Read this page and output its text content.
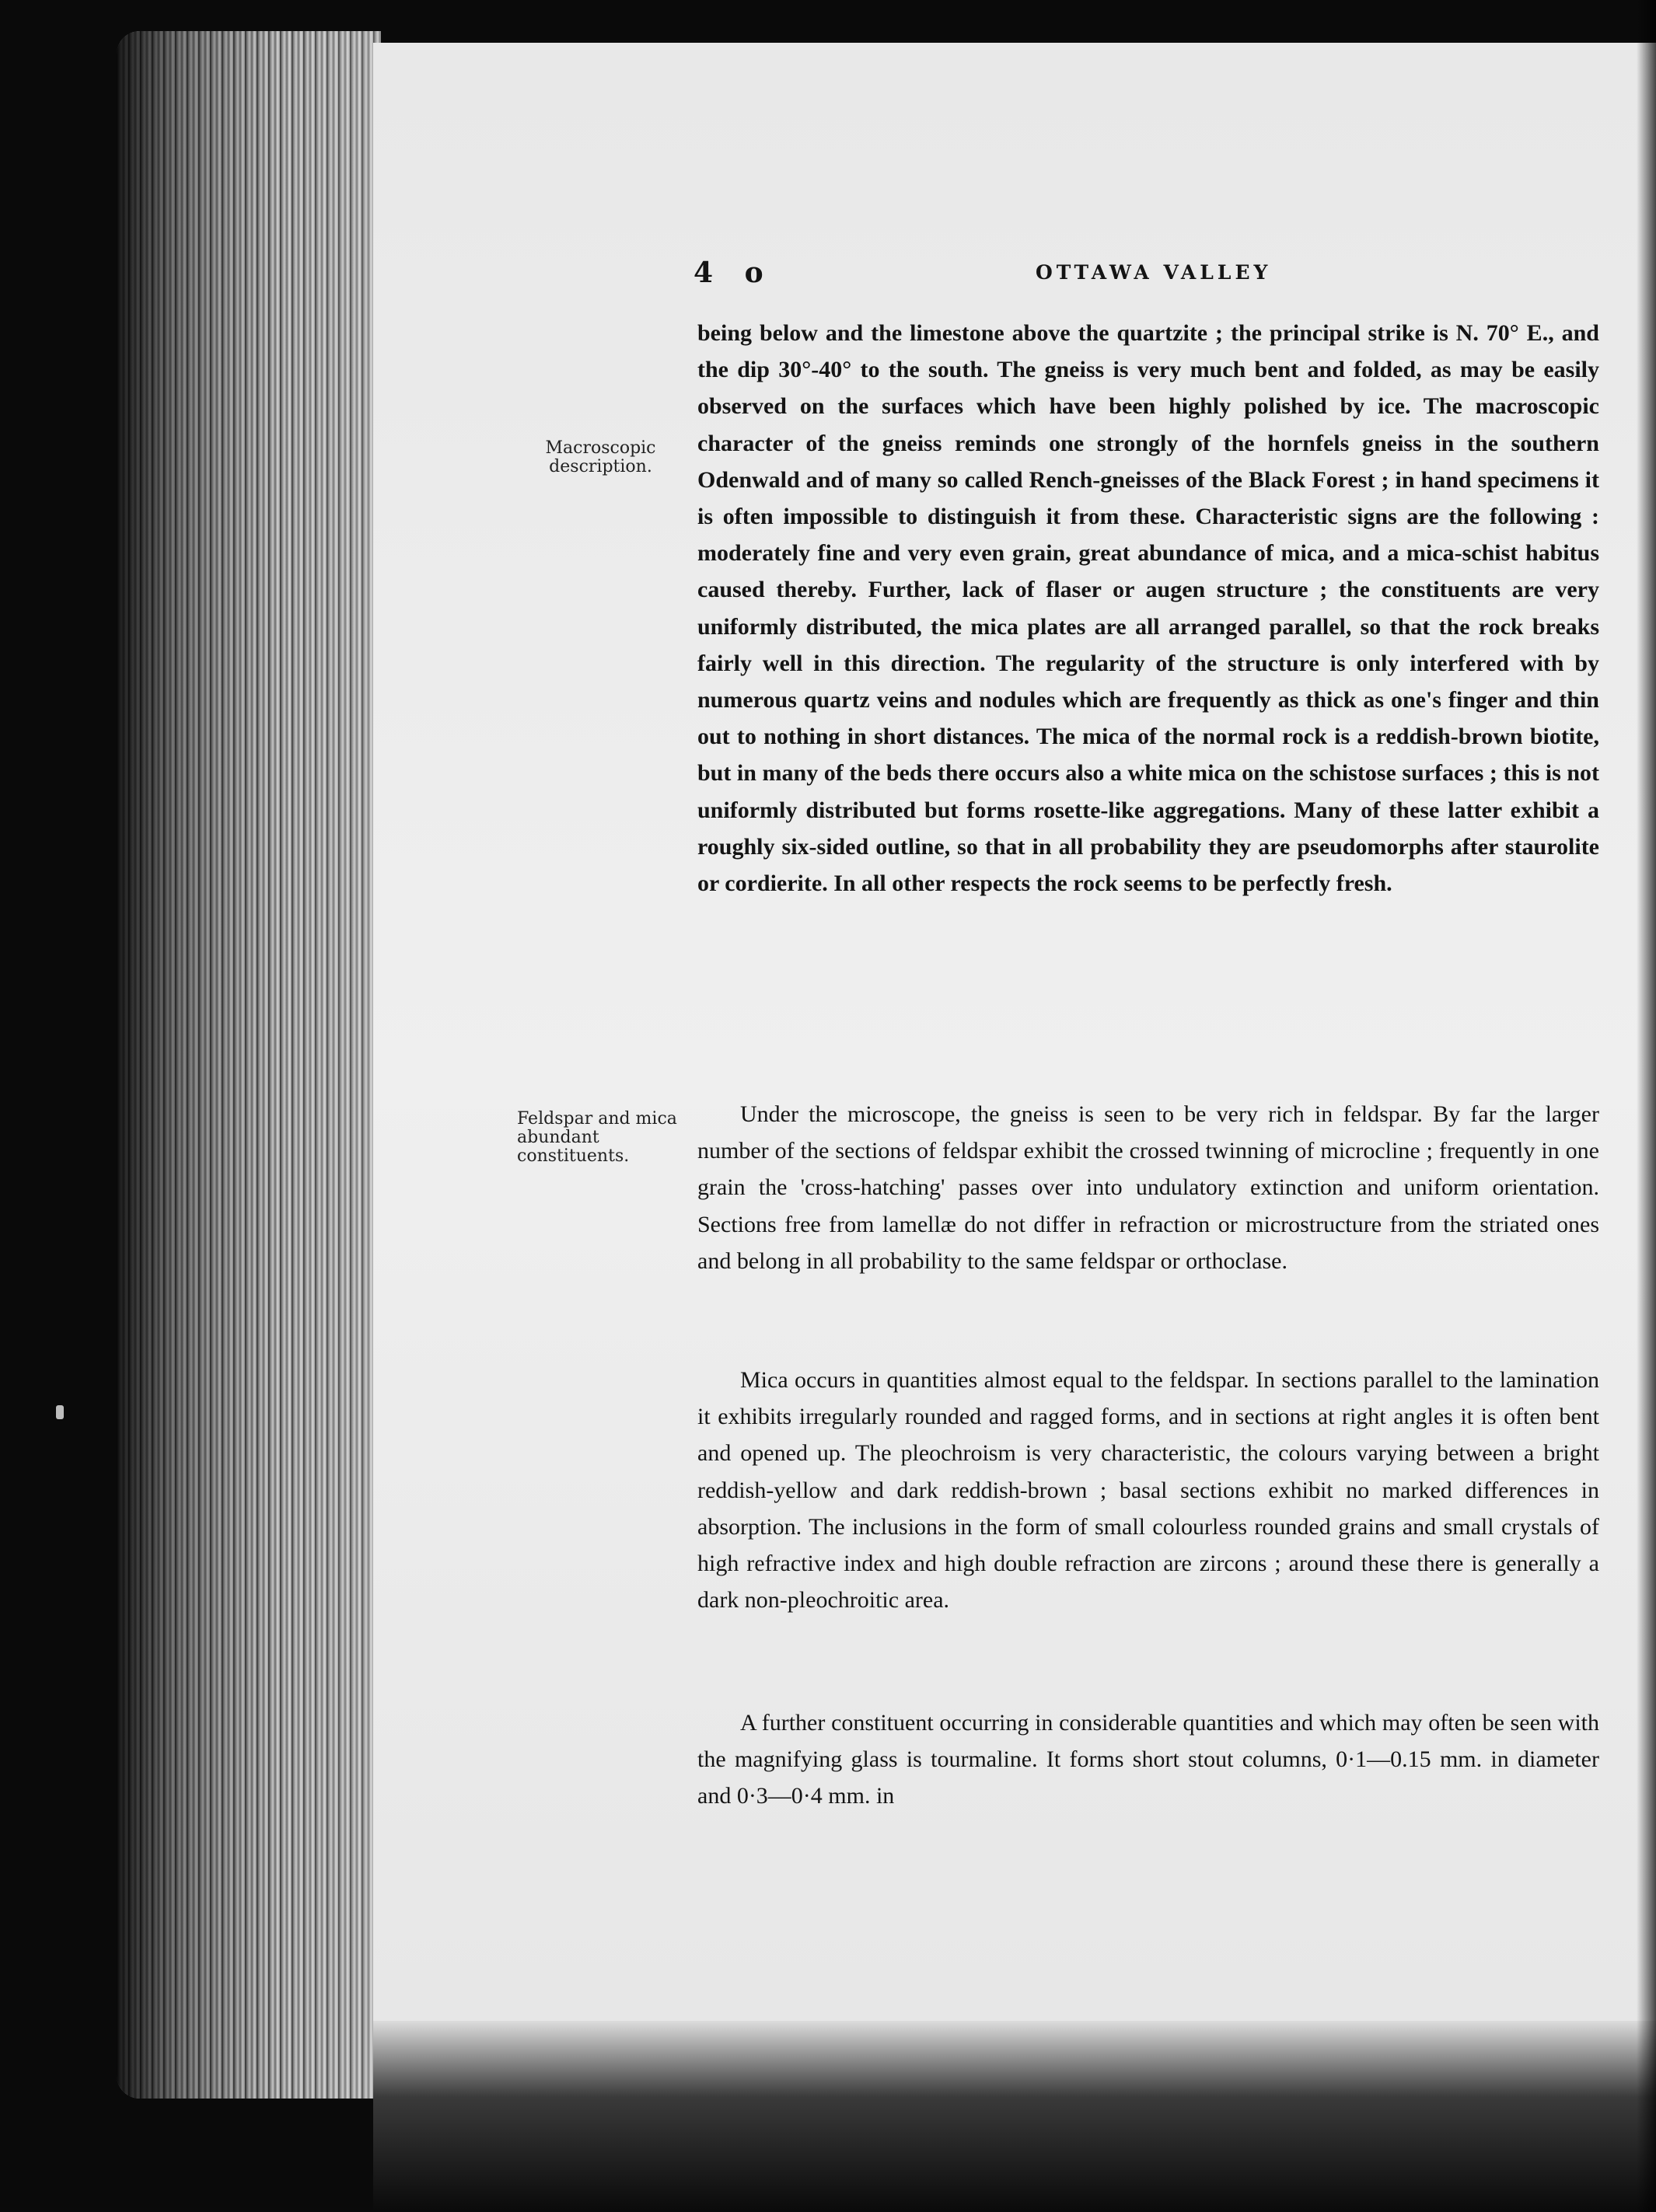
4 o	OTTAWA VALLEY
Macroscopic description.
Feldspar and mica abundant constituents.

being below and the limestone above the quartzite ; the principal strike is N. 70° E., and the dip 30°-40° to the south. The gneiss is very much bent and folded, as may be easily observed on the surfaces which have been highly polished by ice. The macroscopic character of the gneiss reminds one strongly of the hornfels gneiss in the southern Odenwald and of many so called Rench-gneisses of the Black Forest ; in hand specimens it is often impossible to distinguish it from these. Characteristic signs are the following : moderately fine and very even grain, great abundance of mica, and a mica-schist habitus caused thereby. Further, lack of flaser or augen structure ; the constituents are very uniformly distributed, the mica plates are all arranged parallel, so that the rock breaks fairly well in this direction. The regularity of the structure is only interfered with by numerous quartz veins and nodules which are frequently as thick as one's finger and thin out to nothing in short distances. The mica of the normal rock is a reddish-brown biotite, but in many of the beds there occurs also a white mica on the schistose surfaces ; this is not uniformly distributed but forms rosette-like aggregations. Many of these latter exhibit a roughly six-sided outline, so that in all probability they are pseudomorphs after staurolite or cordierite. In all other respects the rock seems to be perfectly fresh.

Under the microscope, the gneiss is seen to be very rich in feldspar. By far the larger number of the sections of feldspar exhibit the crossed twinning of microcline ; frequently in one grain the 'cross-hatching' passes over into undulatory extinction and uniform orientation. Sections free from lamellæ do not differ in refraction or microstructure from the striated ones and belong in all probability to the same feldspar or orthoclase.

Mica occurs in quantities almost equal to the feldspar. In sections parallel to the lamination it exhibits irregularly rounded and ragged forms, and in sections at right angles it is often bent and opened up. The pleochroism is very characteristic, the colours varying between a bright reddish-yellow and dark reddish-brown ; basal sections exhibit no marked differences in absorption. The inclusions in the form of small colourless rounded grains and small crystals of high refractive index and high double refraction are zircons ; around these there is generally a dark non-pleochroitic area.

A further constituent occurring in considerable quantities and which may often be seen with the magnifying glass is tourmaline. It forms short stout columns, 0·1—0.15 mm. in diameter and 0·3—0·4 mm. in
